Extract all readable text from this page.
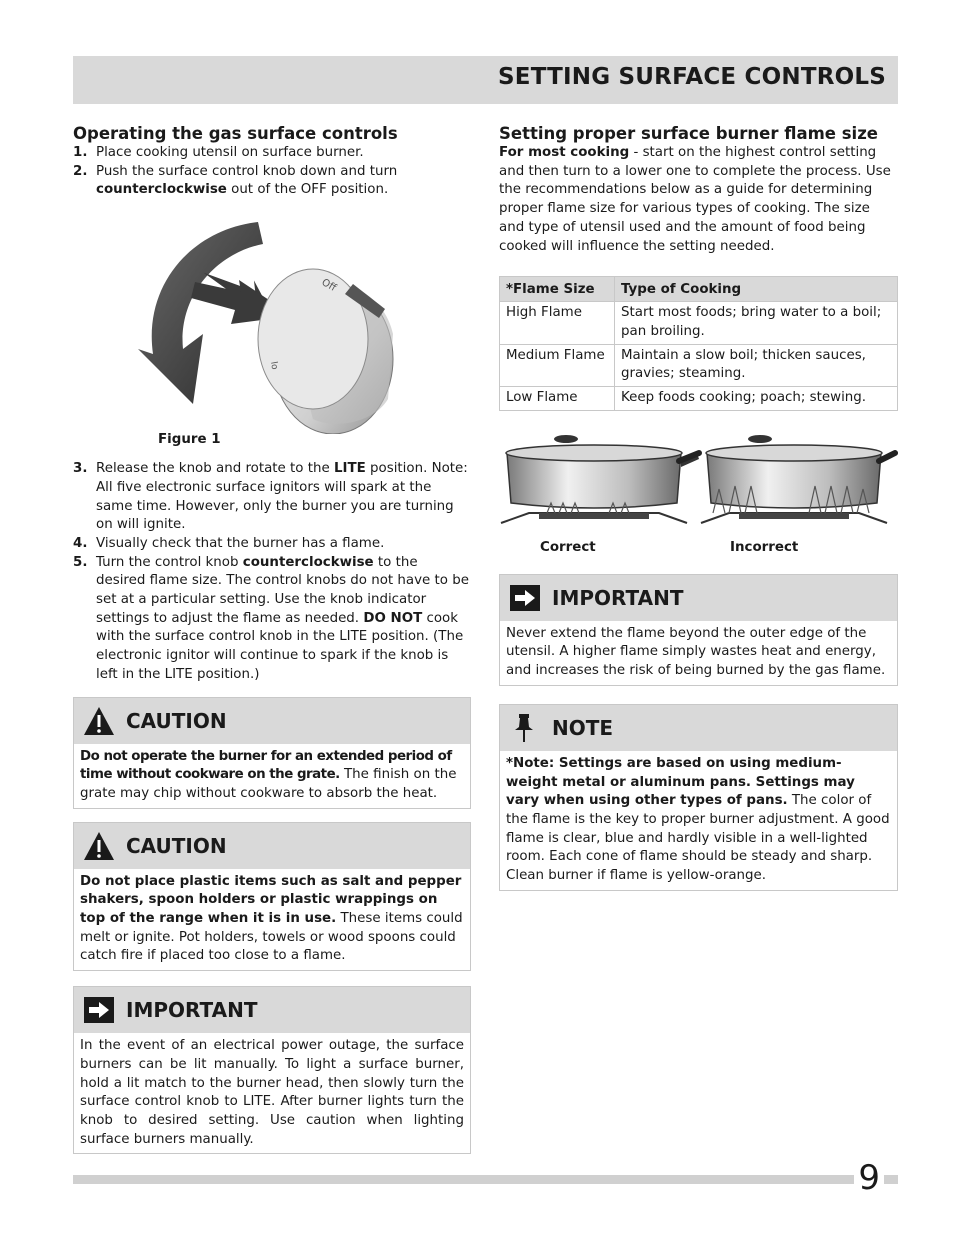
SETTING SURFACE CONTROLS
Operating the gas surface controls
1. Place cooking utensil on surface burner.
2. Push the surface control knob down and turn counterclockwise out of the OFF position.
Off
lo
Figure 1
3. Release the knob and rotate to the LITE position. Note: All five electronic surface ignitors will spark at the same time. However, only the burner you are turning on will ignite.
4. Visually check that the burner has a flame.
5. Turn the control knob counterclockwise to the desired flame size. The control knobs do not have to be set at a particular setting. Use the knob indicator settings to adjust the flame as needed. DO NOT cook with the surface control knob in the LITE position. (The electronic ignitor will continue to spark if the knob is left in the LITE position.)
CAUTION
Do not operate the burner for an extended period of time without cookware on the grate. The finish on the grate may chip without cookware to absorb the heat.
CAUTION
Do not place plastic items such as salt and pepper shakers, spoon holders or plastic wrappings on top of the range when it is in use. These items could melt or ignite. Pot holders, towels or wood spoons could catch fire if placed too close to a flame.
IMPORTANT
In the event of an electrical power outage, the surface burners can be lit manually. To light a surface burner, hold a lit match to the burner head, then slowly turn the surface control knob to LITE. After burner lights turn the knob to desired setting. Use caution when lighting surface burners manually.
Setting proper surface burner flame size

For most cooking - start on the highest control setting and then turn to a lower one to complete the process. Use the recommendations below as a guide for determining proper flame size for various types of cooking. The size and type of utensil used and the amount of food being cooked will influence the setting needed.

*Flame Size	Type of Cooking
High Flame	Start most foods; bring water to a boil; pan broiling.
Medium Flame	Maintain a slow boil; thicken sauces, gravies; steaming.
Low Flame	Keep foods cooking; poach; stewing.
Correct	Incorrect
IMPORTANT
Never extend the flame beyond the outer edge of the utensil. A higher flame simply wastes heat and energy, and increases the risk of being burned by the gas flame.
NOTE
*Note: Settings are based on using medium-weight metal or aluminum pans. Settings may vary when using other types of pans. The color of the flame is the key to proper burner adjustment. A good flame is clear, blue and hardly visible in a well-lighted room. Each cone of flame should be steady and sharp. Clean burner if flame is yellow-orange.
9
